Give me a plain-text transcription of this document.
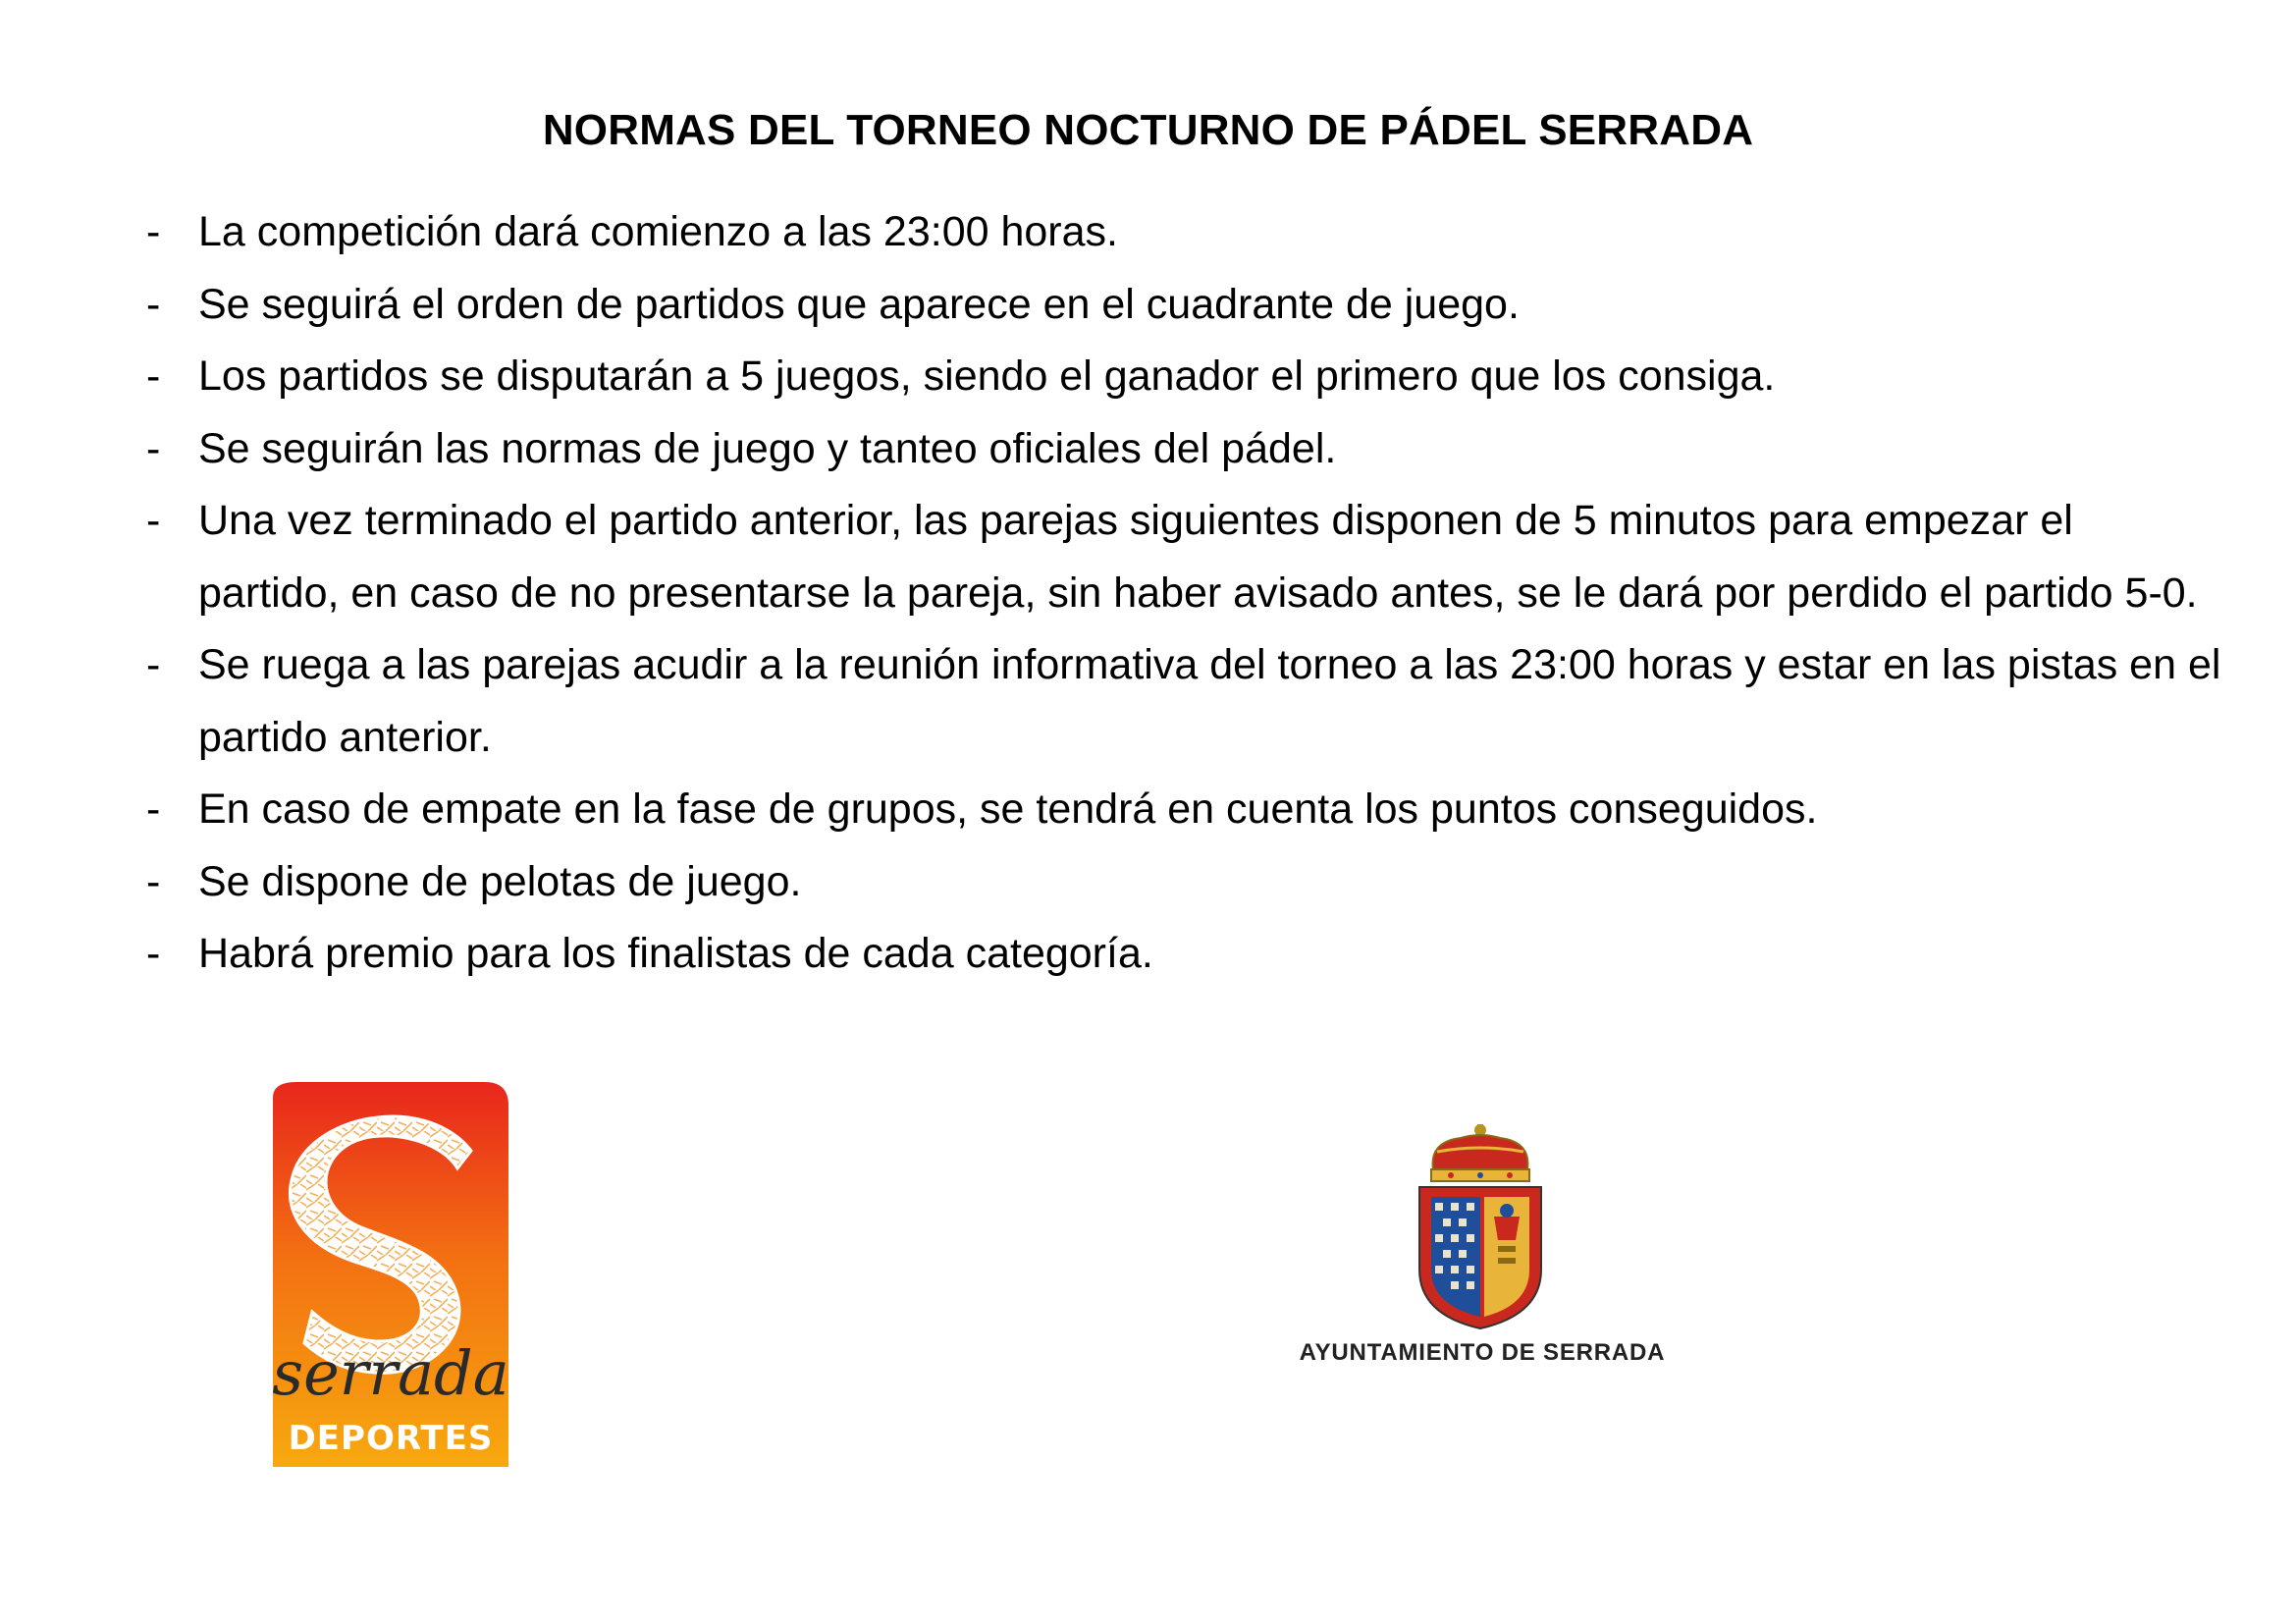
NORMAS DEL TORNEO NOCTURNO DE PÁDEL SERRADA
- La competición dará comienzo a las 23:00 horas.
- Se seguirá el orden de partidos que aparece en el cuadrante de juego.
- Los partidos se disputarán a 5 juegos, siendo el ganador el primero que los consiga.
- Se seguirán las normas de juego y tanteo oficiales del pádel.
- Una vez terminado el partido anterior, las parejas siguientes disponen de 5 minutos para empezar el partido, en caso de no presentarse la pareja, sin haber avisado antes, se le dará por perdido el partido 5-0.
- Se ruega a las parejas acudir a la reunión informativa del torneo a las 23:00 horas y estar en las pistas en el partido anterior.
- En caso de empate en la fase de grupos, se tendrá en cuenta los puntos conseguidos.
- Se dispone de pelotas de juego.
- Habrá premio para los finalistas de cada categoría.
serrada
DEPORTES
AYUNTAMIENTO DE SERRADA
